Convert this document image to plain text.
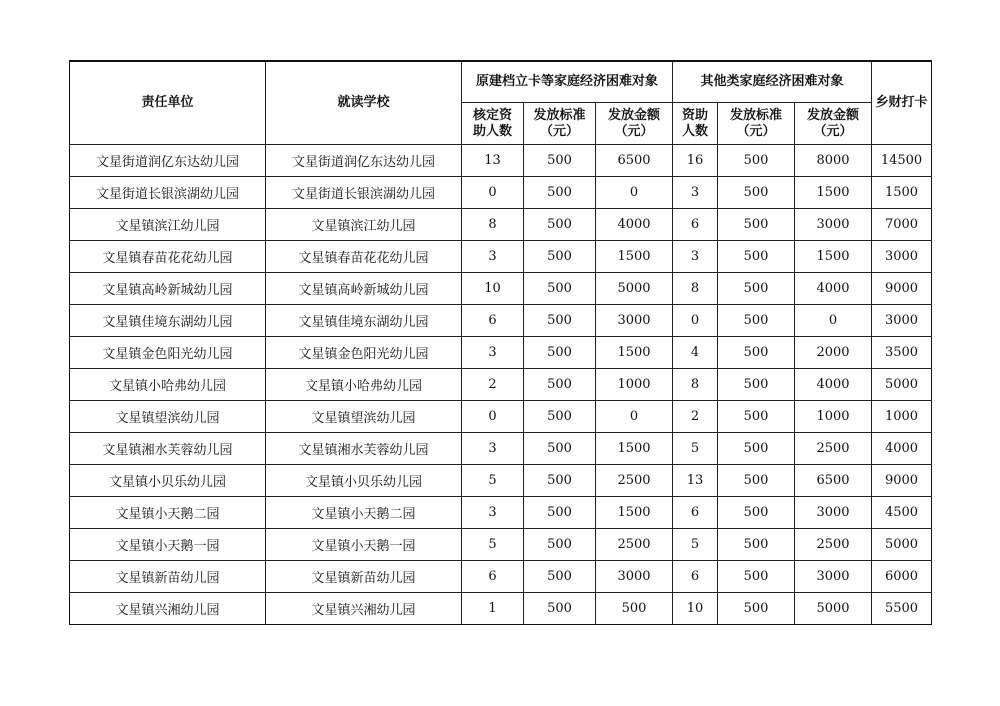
责任单位	就读学校	原建档立卡等家庭经济困难对象			其他类家庭经济困难对象			乡财打卡
		核定资助人数	发放标准（元）	发放金额（元）	资助人数	发放标准（元）	发放金额（元）	
文星街道润亿东达幼儿园	文星街道润亿东达幼儿园	13	500	6500	16	500	8000	14500
文星街道长银滨湖幼儿园	文星街道长银滨湖幼儿园	0	500	0	3	500	1500	1500
文星镇滨江幼儿园	文星镇滨江幼儿园	8	500	4000	6	500	3000	7000
文星镇春苗花花幼儿园	文星镇春苗花花幼儿园	3	500	1500	3	500	1500	3000
文星镇高岭新城幼儿园	文星镇高岭新城幼儿园	10	500	5000	8	500	4000	9000
文星镇佳境东湖幼儿园	文星镇佳境东湖幼儿园	6	500	3000	0	500	0	3000
文星镇金色阳光幼儿园	文星镇金色阳光幼儿园	3	500	1500	4	500	2000	3500
文星镇小哈弗幼儿园	文星镇小哈弗幼儿园	2	500	1000	8	500	4000	5000
文星镇望滨幼儿园	文星镇望滨幼儿园	0	500	0	2	500	1000	1000
文星镇湘水芙蓉幼儿园	文星镇湘水芙蓉幼儿园	3	500	1500	5	500	2500	4000
文星镇小贝乐幼儿园	文星镇小贝乐幼儿园	5	500	2500	13	500	6500	9000
文星镇小天鹅二园	文星镇小天鹅二园	3	500	1500	6	500	3000	4500
文星镇小天鹅一园	文星镇小天鹅一园	5	500	2500	5	500	2500	5000
文星镇新苗幼儿园	文星镇新苗幼儿园	6	500	3000	6	500	3000	6000
文星镇兴湘幼儿园	文星镇兴湘幼儿园	1	500	500	10	500	5000	5500
